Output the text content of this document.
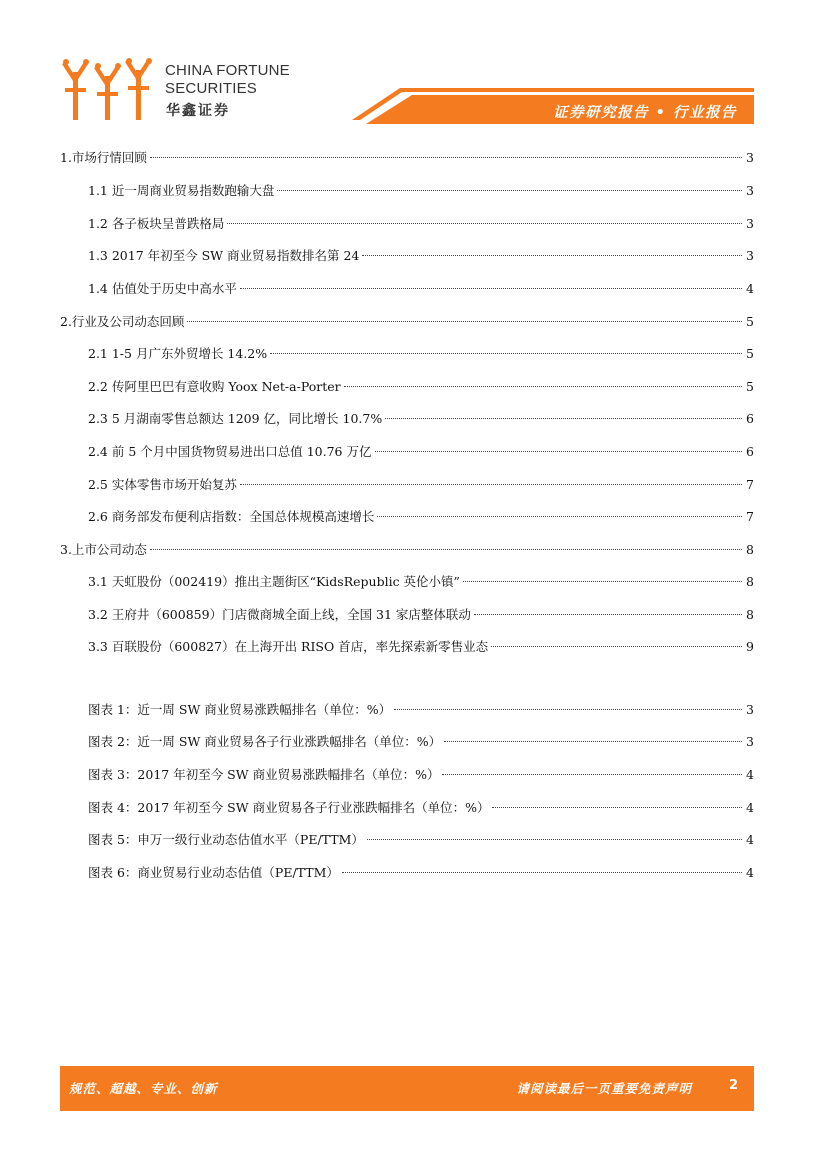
CHINA FORTUNE
SECURITIES
华鑫证券	证券研究报告 • 行业报告
1.市场行情回顾	3
1.1 近一周商业贸易指数跑输大盘	3
1.2 各子板块呈普跌格局	3
1.3 2017 年初至今 SW 商业贸易指数排名第 24	3
1.4 估值处于历史中高水平	4
2.行业及公司动态回顾	5
2.1 1-5 月广东外贸增长 14.2%	5
2.2 传阿里巴巴有意收购 Yoox Net-a-Porter	5
2.3 5 月湖南零售总额达 1209 亿，同比增长 10.7%	6
2.4 前 5 个月中国货物贸易进出口总值 10.76 万亿	6
2.5 实体零售市场开始复苏	7
2.6 商务部发布便利店指数：全国总体规模高速增长	7
3.上市公司动态	8
3.1 天虹股份（002419）推出主题街区“KidsRepublic 英伦小镇”	8
3.2 王府井（600859）门店微商城全面上线，全国 31 家店整体联动	8
3.3 百联股份（600827）在上海开出 RISO 首店，率先探索新零售业态	9
图表 1：近一周 SW 商业贸易涨跌幅排名（单位：%）	3
图表 2：近一周 SW 商业贸易各子行业涨跌幅排名（单位：%）	3
图表 3：2017 年初至今 SW 商业贸易涨跌幅排名（单位：%）	4
图表 4：2017 年初至今 SW 商业贸易各子行业涨跌幅排名（单位：%）	4
图表 5：申万一级行业动态估值水平（PE/TTM）	4
图表 6：商业贸易行业动态估值（PE/TTM）	4
规范、超越、专业、创新	请阅读最后一页重要免责声明	2
